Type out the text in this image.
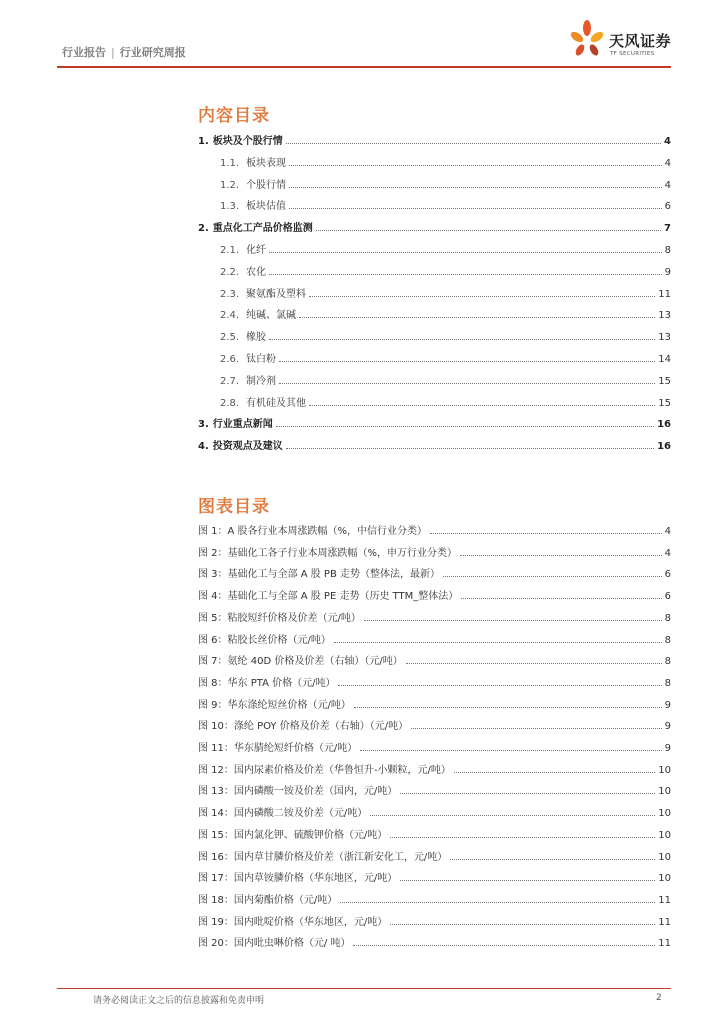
行业报告 | 行业研究周报
天风证券
TF SECURITIES
内容目录
1. 板块及个股行情	4
1.1. 板块表现	4
1.2. 个股行情	4
1.3. 板块估值	6
2. 重点化工产品价格监测	7
2.1. 化纤	8
2.2. 农化	9
2.3. 聚氨酯及塑料	11
2.4. 纯碱、氯碱	13
2.5. 橡胶	13
2.6. 钛白粉	14
2.7. 制冷剂	15
2.8. 有机硅及其他	15
3. 行业重点新闻	16
4. 投资观点及建议	16
图表目录
图 1：A 股各行业本周涨跌幅（%，中信行业分类）	4
图 2：基础化工各子行业本周涨跌幅（%，申万行业分类）	4
图 3：基础化工与全部 A 股 PB 走势（整体法，最新）	6
图 4：基础化工与全部 A 股 PE 走势（历史 TTM_整体法）	6
图 5：粘胶短纤价格及价差（元/吨）	8
图 6：粘胶长丝价格（元/吨）	8
图 7：氨纶 40D 价格及价差（右轴）（元/吨）	8
图 8：华东 PTA 价格（元/吨）	8
图 9：华东涤纶短丝价格（元/吨）	9
图 10：涤纶 POY 价格及价差（右轴）（元/吨）	9
图 11：华东腈纶短纤价格（元/吨）	9
图 12：国内尿素价格及价差（华鲁恒升-小颗粒，元/吨）	10
图 13：国内磷酸一铵及价差（国内，元/吨）	10
图 14：国内磷酸二铵及价差（元/吨）	10
图 15：国内氯化钾、硫酸钾价格（元/吨）	10
图 16：国内草甘膦价格及价差（浙江新安化工，元/吨）	10
图 17：国内草铵膦价格（华东地区，元/吨）	10
图 18：国内菊酯价格（元/吨）	11
图 19：国内吡啶价格（华东地区，元/吨）	11
图 20：国内吡虫啉价格（元/ 吨）	11
请务必阅读正文之后的信息披露和免责申明	2
